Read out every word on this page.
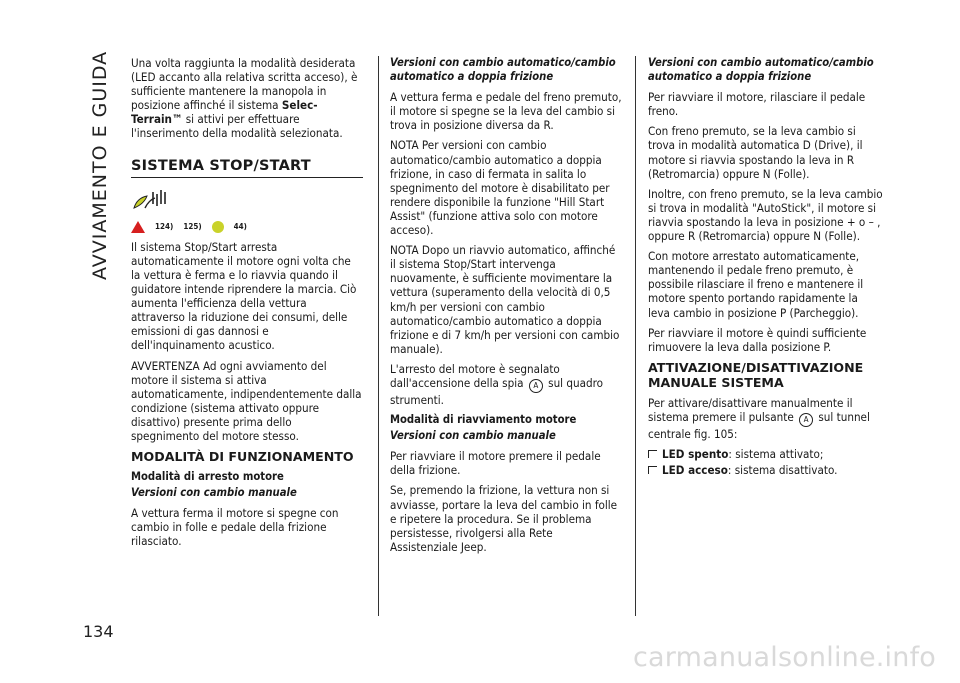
AVVIAMENTO E GUIDA
134

Una volta raggiunta la modalità desiderata (LED accanto alla relativa scritta acceso), è sufficiente mantenere la manopola in posizione affinché il sistema Selec-Terrain™ si attivi per effettuare l'inserimento della modalità selezionata.

SISTEMA STOP/START
124) 125)	44)

Il sistema Stop/Start arresta automaticamente il motore ogni volta che la vettura è ferma e lo riavvia quando il guidatore intende riprendere la marcia. Ciò aumenta l'efficienza della vettura attraverso la riduzione dei consumi, delle emissioni di gas dannosi e dell'inquinamento acustico.

AVVERTENZA Ad ogni avviamento del motore il sistema si attiva automaticamente, indipendentemente dalla condizione (sistema attivato oppure disattivo) presente prima dello spegnimento del motore stesso.

MODALITÀ DI FUNZIONAMENTO
Modalità di arresto motore
Versioni con cambio manuale

A vettura ferma il motore si spegne con cambio in folle e pedale della frizione rilasciato.

Versioni con cambio automatico/cambio automatico a doppia frizione

A vettura ferma e pedale del freno premuto, il motore si spegne se la leva del cambio si trova in posizione diversa da R.

NOTA Per versioni con cambio automatico/cambio automatico a doppia frizione, in caso di fermata in salita lo spegnimento del motore è disabilitato per rendere disponibile la funzione "Hill Start Assist" (funzione attiva solo con motore acceso).

NOTA Dopo un riavvio automatico, affinché il sistema Stop/Start intervenga nuovamente, è sufficiente movimentare la vettura (superamento della velocità di 0,5 km/h per versioni con cambio automatico/cambio automatico a doppia frizione e di 7 km/h per versioni con cambio manuale).

L'arresto del motore è segnalato dall'accensione della spia A sul quadro strumenti.

Modalità di riavviamento motore
Versioni con cambio manuale

Per riavviare il motore premere il pedale della frizione.

Se, premendo la frizione, la vettura non si avviasse, portare la leva del cambio in folle e ripetere la procedura. Se il problema persistesse, rivolgersi alla Rete Assistenziale Jeep.

Versioni con cambio automatico/cambio automatico a doppia frizione

Per riavviare il motore, rilasciare il pedale freno.

Con freno premuto, se la leva cambio si trova in modalità automatica D (Drive), il motore si riavvia spostando la leva in R (Retromarcia) oppure N (Folle).

Inoltre, con freno premuto, se la leva cambio si trova in modalità "AutoStick", il motore si riavvia spostando la leva in posizione + o – , oppure R (Retromarcia) oppure N (Folle).

Con motore arrestato automaticamente, mantenendo il pedale freno premuto, è possibile rilasciare il freno e mantenere il motore spento portando rapidamente la leva cambio in posizione P (Parcheggio).

Per riavviare il motore è quindi sufficiente rimuovere la leva dalla posizione P.

ATTIVAZIONE/DISATTIVAZIONE MANUALE SISTEMA

Per attivare/disattivare manualmente il sistema premere il pulsante A sul tunnel centrale fig. 105:

LED spento: sistema attivato;
LED acceso: sistema disattivato.
carmanualsonline.info
